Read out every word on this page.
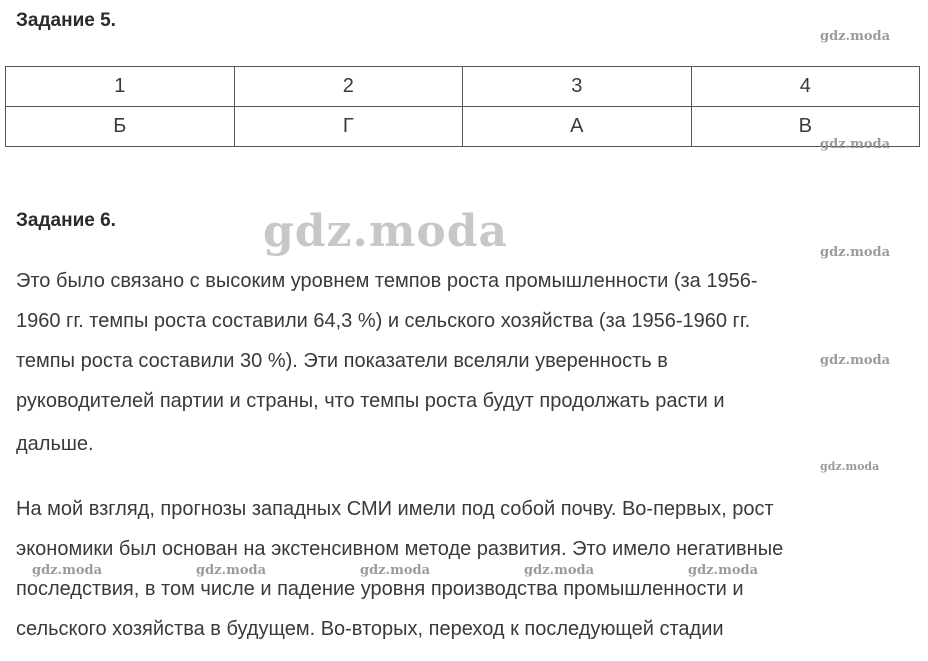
Задание 5.
gdz.moda
1	2	3	4
Б	Г	А	В
gdz.moda
Задание 6.	gdz.moda	gdz.moda
Это было связано с высоким уровнем темпов роста промышленности (за 1956-
1960 гг. темпы роста составили 64,3 %) и сельского хозяйства (за 1956-1960 гг.
темпы роста составили 30 %). Эти показатели вселяли уверенность в
руководителей партии и страны, что темпы роста будут продолжать расти и
дальше.
gdz.moda
gdz.moda
На мой взгляд, прогнозы западных СМИ имели под собой почву. Во-первых, рост
экономики был основан на экстенсивном методе развития. Это имело негативные
последствия, в том числе и падение уровня производства промышленности и
сельского хозяйства в будущем. Во-вторых, переход к последующей стадии
gdz.moda	gdz.moda	gdz.moda	gdz.moda	gdz.moda
